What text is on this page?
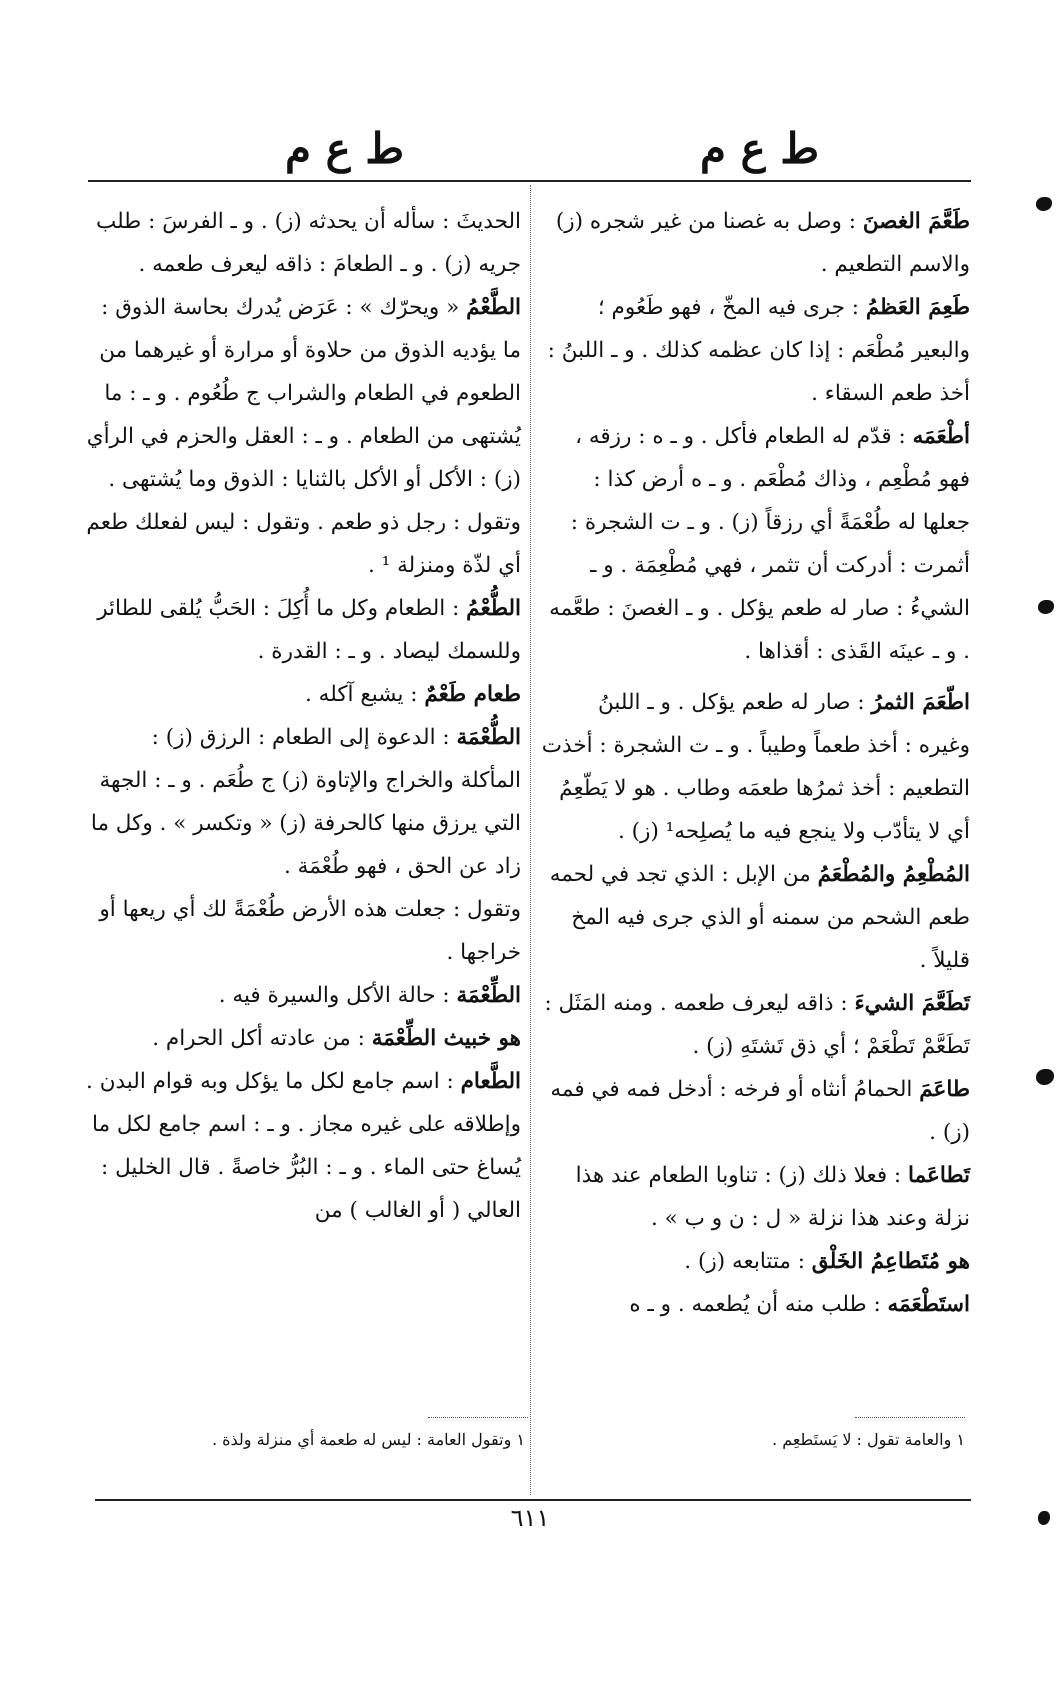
ط ع م
ط ع م

طَعَّمَ الغصنَ : وصل به غصنا من غير شجره (ز) والاسم التطعيم .

طَعِمَ العَظمُ : جرى فيه المخّ ، فهو طَعُوم ؛ والبعير مُطْعَم : إذا كان عظمه كذلك . و ـ اللبنُ : أخذ طعم السقاء .

أطْعَمَه : قدّم له الطعام فأكل . و ـ ه : رزقه ، فهو مُطْعِم ، وذاك مُطْعَم . و ـ ه أرض كذا : جعلها له طُعْمَةً أي رزقاً (ز) . و ـ ت الشجرة : أثمرت : أدركت أن تثمر ، فهي مُطْعِمَة . و ـ الشيءُ : صار له طعم يؤكل . و ـ الغصنَ : طعَّمه . و ـ عينَه القَذى : أقذاها .

اطّعَمَ الثمرُ : صار له طعم يؤكل . و ـ اللبنُ وغيره : أخذ طعماً وطيباً . و ـ ت الشجرة : أخذت التطعيم : أخذ ثمرُها طعمَه وطاب . هو لا يَطّعِمُ أي لا يتأدّب ولا ينجع فيه ما يُصلِحه¹ (ز) .

المُطْعِمُ والمُطْعَمُ من الإبل : الذي تجد في لحمه طعم الشحم من سمنه أو الذي جرى فيه المخ قليلاً .

تَطَعَّمَ الشيءَ : ذاقه ليعرف طعمه . ومنه المَثَل : تَطَعَّمْ تَطْعَمْ ؛ أي ذق تَشتَهِ (ز) .

طاعَمَ الحمامُ أنثاه أو فرخه : أدخل فمه في فمه (ز) .

تَطاعَما : فعلا ذلك (ز) : تناوبا الطعام عند هذا نزلة وعند هذا نزلة « ل : ن و ب » .

هو مُتَطاعِمُ الخَلْق : متتابعه (ز) .

استَطْعَمَه : طلب منه أن يُطعمه . و ـ ه

الحديثَ : سأله أن يحدثه (ز) . و ـ الفرسَ : طلب جريه (ز) . و ـ الطعامَ : ذاقه ليعرف طعمه .

الطَّعْمُ « ويحرّك » : عَرَض يُدرك بحاسة الذوق : ما يؤديه الذوق من حلاوة أو مرارة أو غيرهما من الطعوم في الطعام والشراب ج طُعُوم . و ـ : ما يُشتهى من الطعام . و ـ : العقل والحزم في الرأي (ز) : الأكل أو الأكل بالثنايا : الذوق وما يُشتهى .

وتقول : رجل ذو طعم . وتقول : ليس لفعلك طعم أي لذّة ومنزلة ¹ .

الطُّعْمُ : الطعام وكل ما أُكِلَ : الحَبُّ يُلقى للطائر وللسمك ليصاد . و ـ : القدرة .

طعام طَعْمٌ : يشبع آكله .

الطُّعْمَة : الدعوة إلى الطعام : الرزق (ز) : المأكلة والخراج والإتاوة (ز) ج طُعَم . و ـ : الجهة التي يرزق منها كالحرفة (ز) « وتكسر » . وكل ما زاد عن الحق ، فهو طُعْمَة .

وتقول : جعلت هذه الأرض طُعْمَةً لك أي ريعها أو خراجها .

الطِّعْمَة : حالة الأكل والسيرة فيه .

هو خبيث الطِّعْمَة : من عادته أكل الحرام .

الطَّعام : اسم جامع لكل ما يؤكل وبه قوام البدن . وإطلاقه على غيره مجاز . و ـ : اسم جامع لكل ما يُساغ حتى الماء . و ـ : البُرُّ خاصةً . قال الخليل : العالي ( أو الغالب ) من

١ والعامة تقول : لا يَستَطعِم .
١ وتقول العامة : ليس له طعمة أي منزلة ولذة .
٦١١
